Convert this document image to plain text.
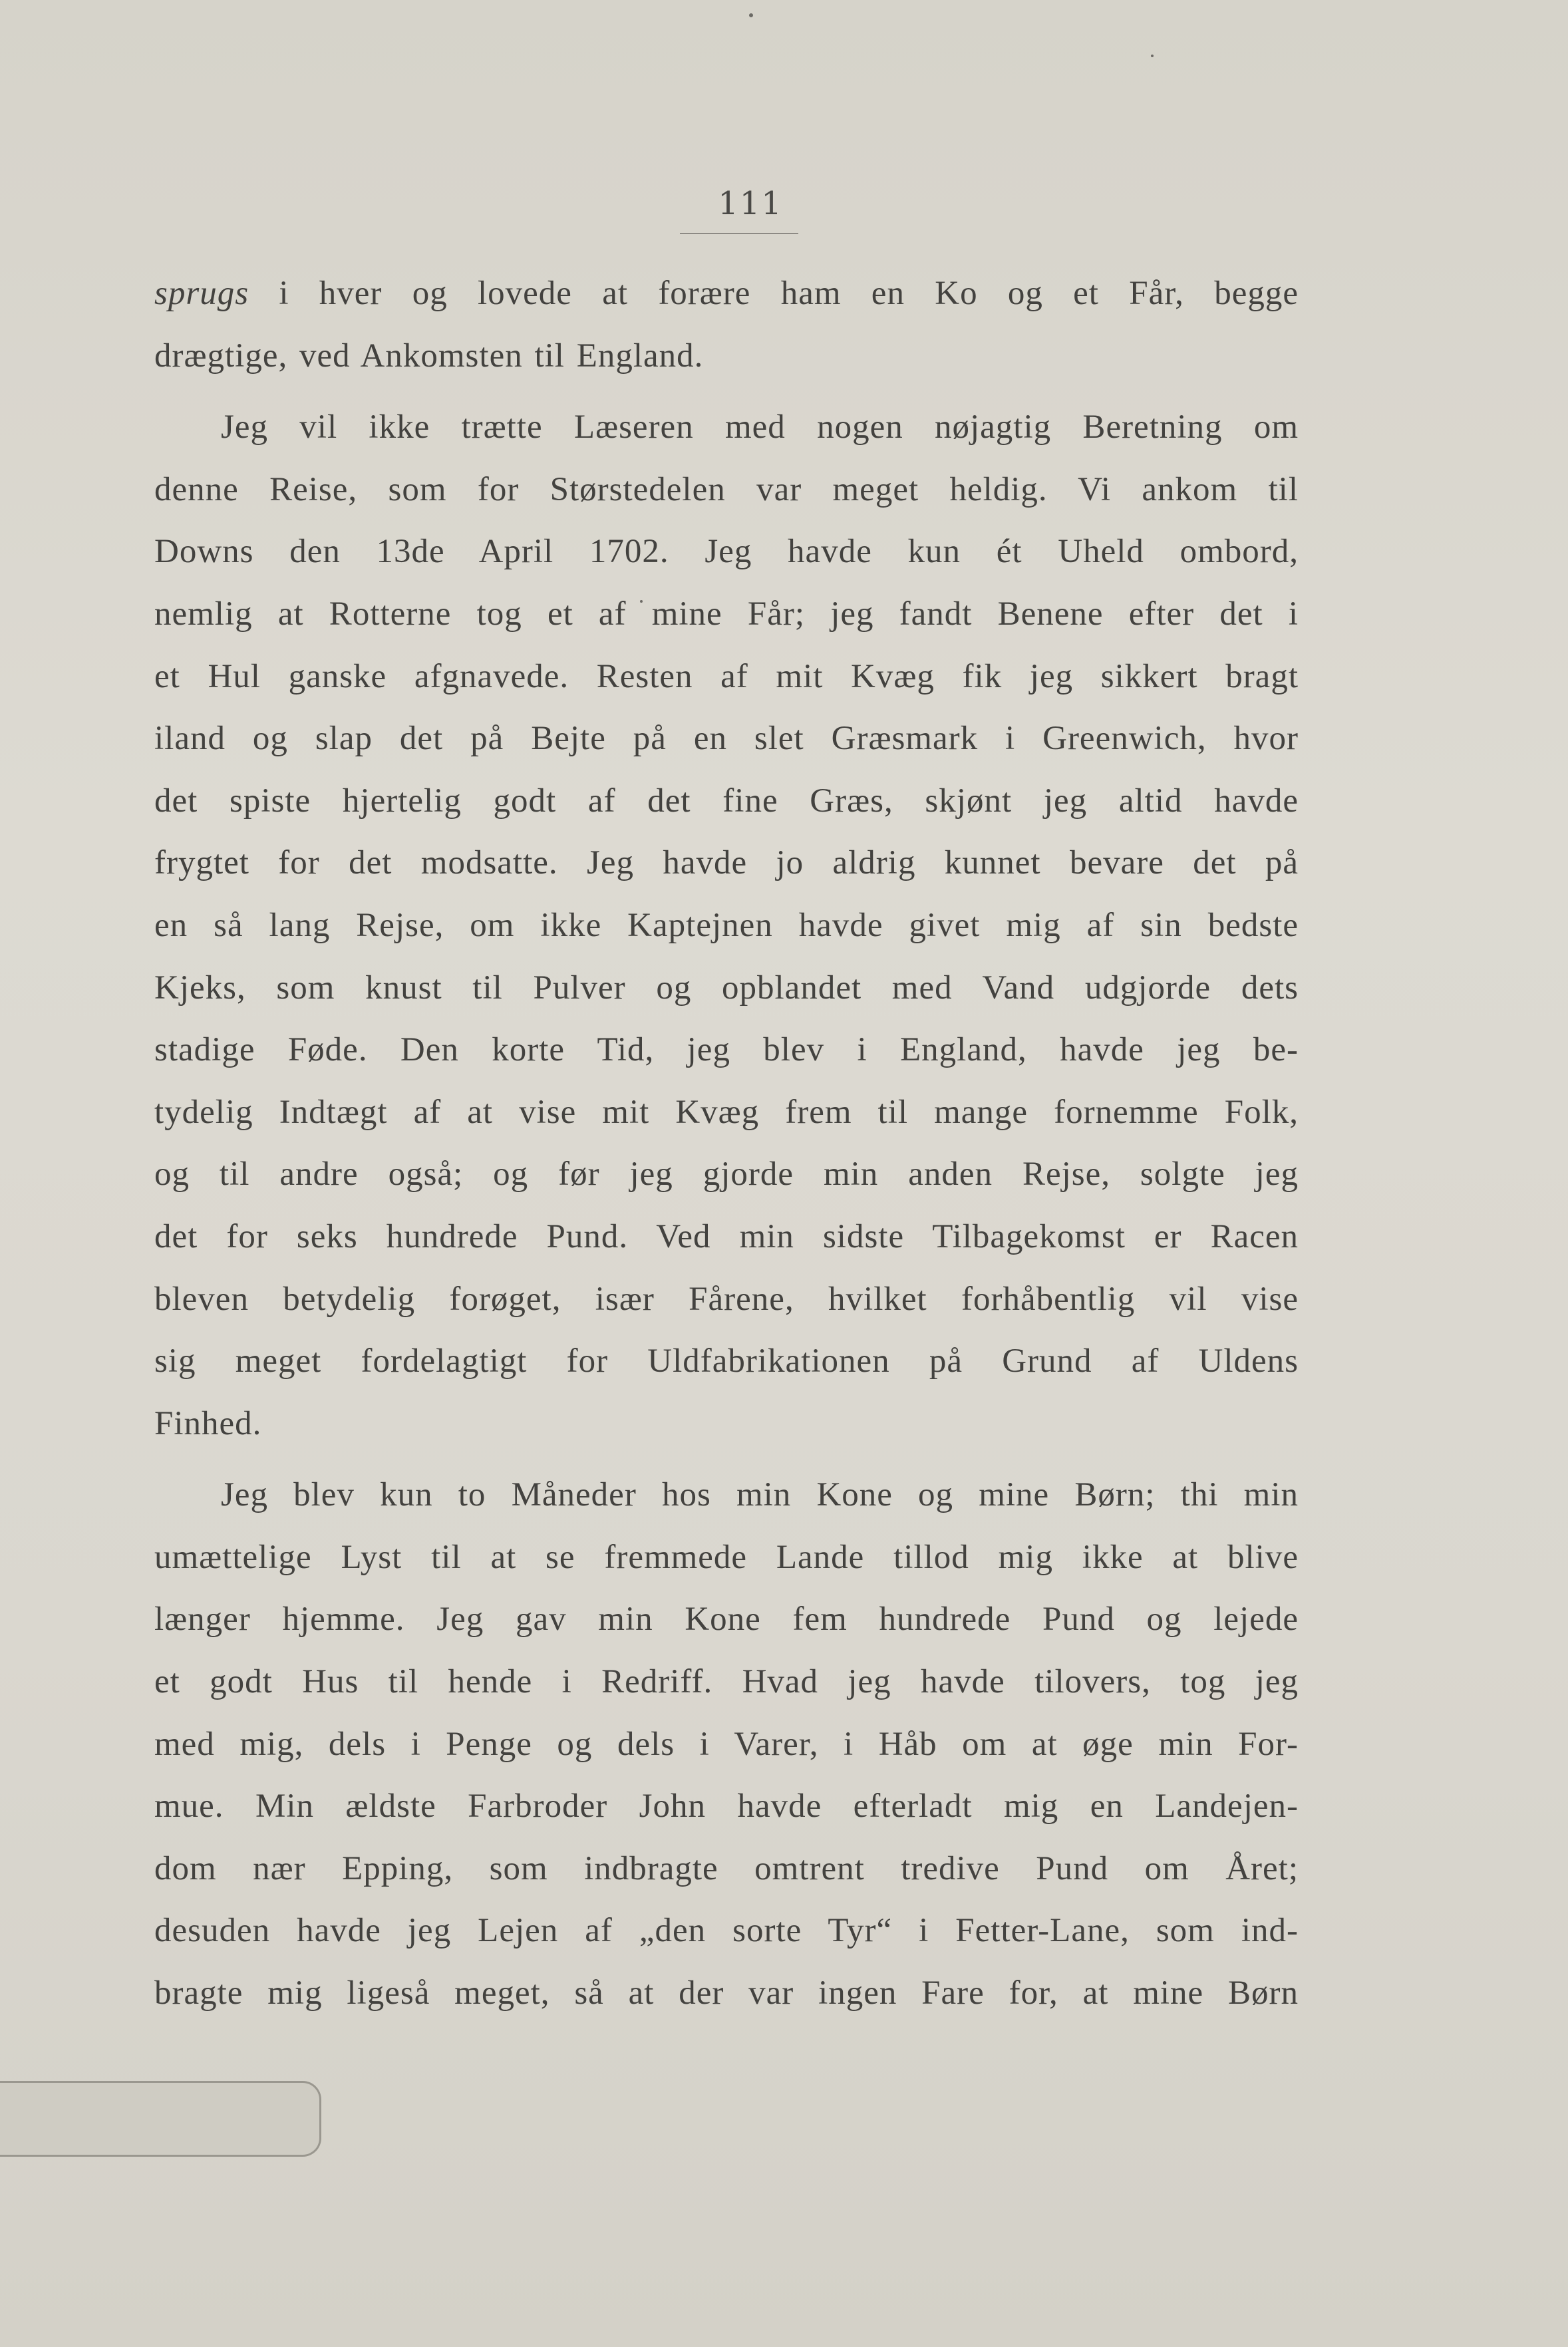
111

sprugs i hver og lovede at forære ham en Ko og et Får, begge

drægtige, ved Ankomsten til England.

Jeg vil ikke trætte Læseren med nogen nøjagtig Beretning om

denne Reise, som for Størstedelen var meget heldig. Vi ankom til

Downs den 13de April 1702. Jeg havde kun ét Uheld ombord,

nemlig at Rotterne tog et af mine Får; jeg fandt Benene efter det i

et Hul ganske afgnavede. Resten af mit Kvæg fik jeg sikkert bragt

iland og slap det på Bejte på en slet Græsmark i Greenwich, hvor

det spiste hjertelig godt af det fine Græs, skjønt jeg altid havde

frygtet for det modsatte. Jeg havde jo aldrig kunnet bevare det på

en så lang Rejse, om ikke Kaptejnen havde givet mig af sin bedste

Kjeks, som knust til Pulver og opblandet med Vand udgjorde dets

stadige Føde. Den korte Tid, jeg blev i England, havde jeg be-

tydelig Indtægt af at vise mit Kvæg frem til mange fornemme Folk,

og til andre også; og før jeg gjorde min anden Rejse, solgte jeg

det for seks hundrede Pund. Ved min sidste Tilbagekomst er Racen

bleven betydelig forøget, især Fårene, hvilket forhåbentlig vil vise

sig meget fordelagtigt for Uldfabrikationen på Grund af Uldens

Finhed.

Jeg blev kun to Måneder hos min Kone og mine Børn; thi min

umættelige Lyst til at se fremmede Lande tillod mig ikke at blive

længer hjemme. Jeg gav min Kone fem hundrede Pund og lejede

et godt Hus til hende i Redriff. Hvad jeg havde tilovers, tog jeg

med mig, dels i Penge og dels i Varer, i Håb om at øge min For-

mue. Min ældste Farbroder John havde efterladt mig en Landejen-

dom nær Epping, som indbragte omtrent tredive Pund om Året;

desuden havde jeg Lejen af „den sorte Tyr“ i Fetter-Lane, som ind-

bragte mig ligeså meget, så at der var ingen Fare for, at mine Børn
